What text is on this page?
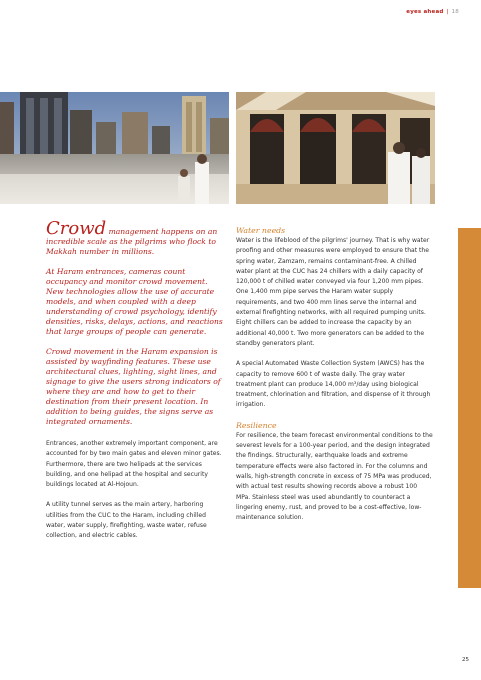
eyes ahead | 18

Crowd management happens on an incredible scale as the pilgrims who flock to Makkah number in millions.

At Haram entrances, cameras count occupancy and monitor crowd movement. New technologies allow the use of accurate models, and when coupled with a deep understanding of crowd psychology, identify densities, risks, delays, actions, and reactions that large groups of people can generate.

Crowd movement in the Haram expansion is assisted by wayfinding features. These use architectural clues, lighting, sight lines, and signage to give the users strong indicators of where they are and how to get to their destination from their present location. In addition to being guides, the signs serve as integrated ornaments.

Entrances, another extremely important component, are accounted for by two main gates and eleven minor gates. Furthermore, there are two helipads at the services building, and one helipad at the hospital and security buildings located at Al-Hojoun.

A utility tunnel serves as the main artery, harboring utilities from the CUC to the Haram, including chilled water, water supply, firefighting, waste water, refuse collection, and electric cables.

Water needs

Water is the lifeblood of the pilgrims' journey. That is why water proofing and other measures were employed to ensure that the spring water, Zamzam, remains contaminant-free. A chilled water plant at the CUC has 24 chillers with a daily capacity of 120,000 t of chilled water conveyed via four 1,200 mm pipes. One 1,400 mm pipe serves the Haram water supply requirements, and two 400 mm lines serve the internal and external firefighting networks, with all required pumping units. Eight chillers can be added to increase the capacity by an additional 40,000 t. Two more generators can be added to the standby generators plant.

A special Automated Waste Collection System (AWCS) has the capacity to remove 600 t of waste daily. The gray water treatment plant can produce 14,000 m³/day using biological treatment, chlorination and filtration, and dispense of it through irrigation.

Resilience

For resilience, the team forecast environmental conditions to the severest levels for a 100-year period, and the design integrated the findings. Structurally, earthquake loads and extreme temperature effects were also factored in. For the columns and walls, high-strength concrete in excess of 75 MPa was produced, with actual test results showing records above a robust 100 MPa. Stainless steel was used abundantly to counteract a lingering enemy, rust, and proved to be a cost-effective, low-maintenance solution.

25
